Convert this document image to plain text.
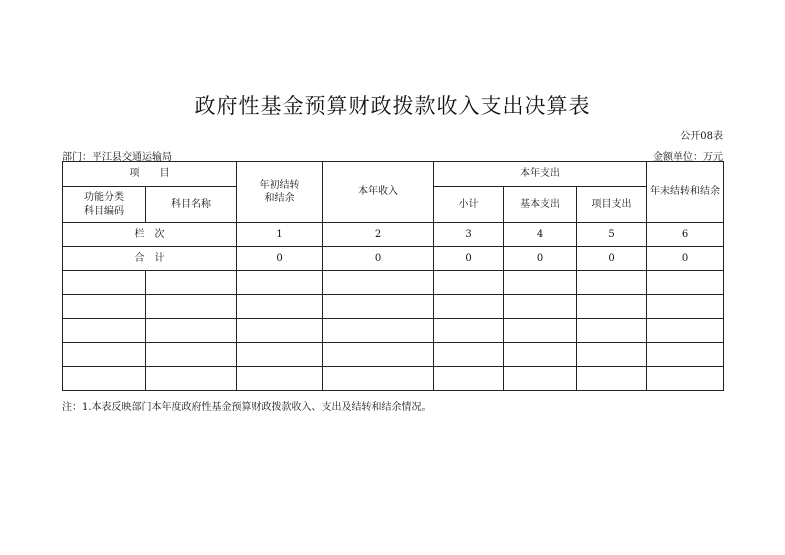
政府性基金预算财政拨款收入支出决算表
公开08表
部门：平江县交通运输局	金额单位：万元
项　　目		年初结转和结余	本年收入	本年支出			年末结转和结余

功能分类科目编码	科目名称			小计	基本支出	项目支出	
栏　次		1	2	3	4	5	6
合　计		0	0	0	0	0	0

注：1.本表反映部门本年度政府性基金预算财政拨款收入、支出及结转和结余情况。
